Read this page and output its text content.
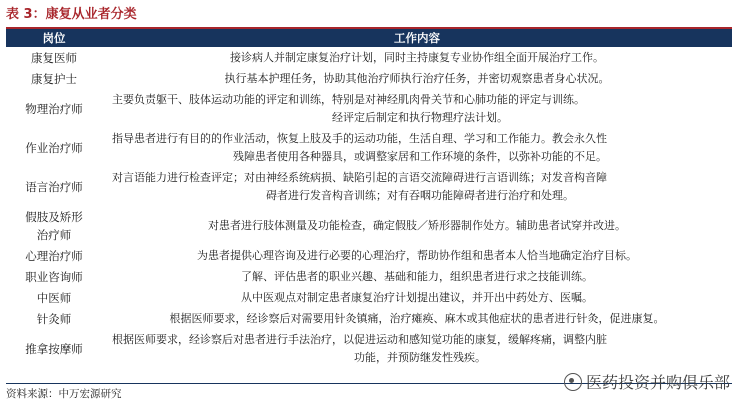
表 3：康复从业者分类
岗位	工作内容

康复医师	接诊病人并制定康复治疗计划，同时主持康复专业协作组全面开展治疗工作。

康复护士	执行基本护理任务，协助其他治疗师执行治疗任务，并密切观察患者身心状况。

物理治疗师	主要负责躯干、肢体运动功能的评定和训练，特别是对神经肌肉骨关节和心肺功能的评定与训练。
经评定后制定和执行物理疗法计划。

作业治疗师	指导患者进行有目的的作业活动，恢复上肢及手的运动功能，生活自理、学习和工作能力。教会永久性
残障患者使用各种器具，或调整家居和工作环境的条件，以弥补功能的不足。

语言治疗师	对言语能力进行检查评定；对由神经系统病损、缺陷引起的言语交流障碍进行言语训练；对发音构音障
碍者进行发音构音训练；对有吞咽功能障碍者进行治疗和处理。

假肢及矫形
治疗师	对患者进行肢体测量及功能检查，确定假肢／矫形器制作处方。辅助患者试穿并改进。

心理治疗师	为患者提供心理咨询及进行必要的心理治疗，帮助协作组和患者本人恰当地确定治疗目标。

职业咨询师	了解、评估患者的职业兴趣、基础和能力，组织患者进行求之技能训练。

中医师	从中医观点对制定患者康复治疗计划提出建议，并开出中药处方、医嘱。

针灸师	根据医师要求，经诊察后对需要用针灸镇痛，治疗瘫痪、麻木或其他症状的患者进行针灸，促进康复。

推拿按摩师	根据医师要求，经诊察后对患者进行手法治疗，以促进运动和感知觉功能的康复，缓解疼痛，调整内脏
功能，并预防继发性残疾。
资料来源：中万宏源研究
医药投资并购俱乐部
